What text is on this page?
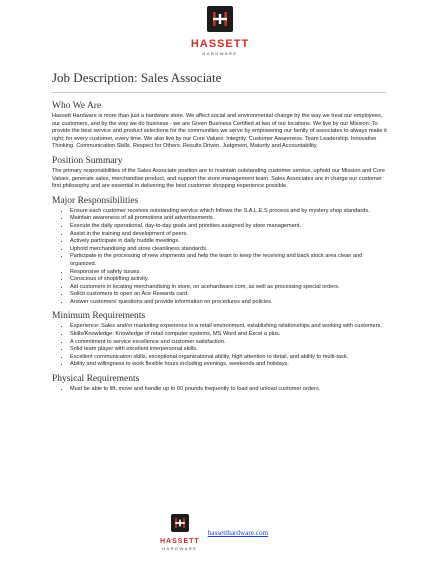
HASSETT
HARDWARE
Job Description: Sales Associate
Who We Are

Hassett Hardware is more than just a hardware store. We affect social and environmental change by the way we treat our employees, our customers, and by the way we do business - we are Green Business Certified at two of our locations. We live by our Mission: To provide the best service and product selections for the communities we serve by empowering our family of associates to always make it right; for every customer, every time. We also live by our Core Values: Integrity. Customer Awareness. Team Leadership. Innovative Thinking. Communication Skills. Respect for Others. Results Driven. Judgment, Maturity and Accountability.

Position Summary

The primary responsibilities of the Sales Associate position are to maintain outstanding customer service, uphold our Mission and Core Values, generate sales, merchandise product, and support the store management team. Sales Associates are in charge our customer first philosophy and are essential in delivering the best customer shopping experience possible.

Major Responsibilities
• Ensure each customer receives outstanding service which follows the S.A.L.E.S process and by mystery shop standards.
• Maintain awareness of all promotions and advertisements.
• Execute the daily operational, day-to-day goals and priorities assigned by store management.
• Assist in the training and development of peers.
• Actively participate in daily huddle meetings.
• Uphold merchandising and store cleanliness standards.
• Participate in the processing of new shipments and help the team to keep the receiving and back stock area clean and organized.
• Responsive of safety issues.
• Conscious of shoplifting activity.
• Aid customers in locating merchandising in store, on acehardware.com, as well as processing special orders.
• Solicit customers to open an Ace Rewards card.
• Answer customers' questions and provide information on procedures and policies.
Minimum Requirements
• Experience: Sales and/or marketing experience in a retail environment, establishing relationships and working with customers.
• Skills/Knowledge: Knowledge of retail computer systems, MS Word and Excel a plus.
• A commitment to service excellence and customer satisfaction.
• Solid team player with excellent interpersonal skills.
• Excellent communication skills, exceptional organizational ability, high attention to detail, and ability to multi-task.
• Ability and willingness to work flexible hours including evenings, weekends and holidays.
Physical Requirements
• Must be able to lift, move and handle up to 60 pounds frequently to load and unload customer orders.
HASSETT
HARDWARE
hassetthardware.com
